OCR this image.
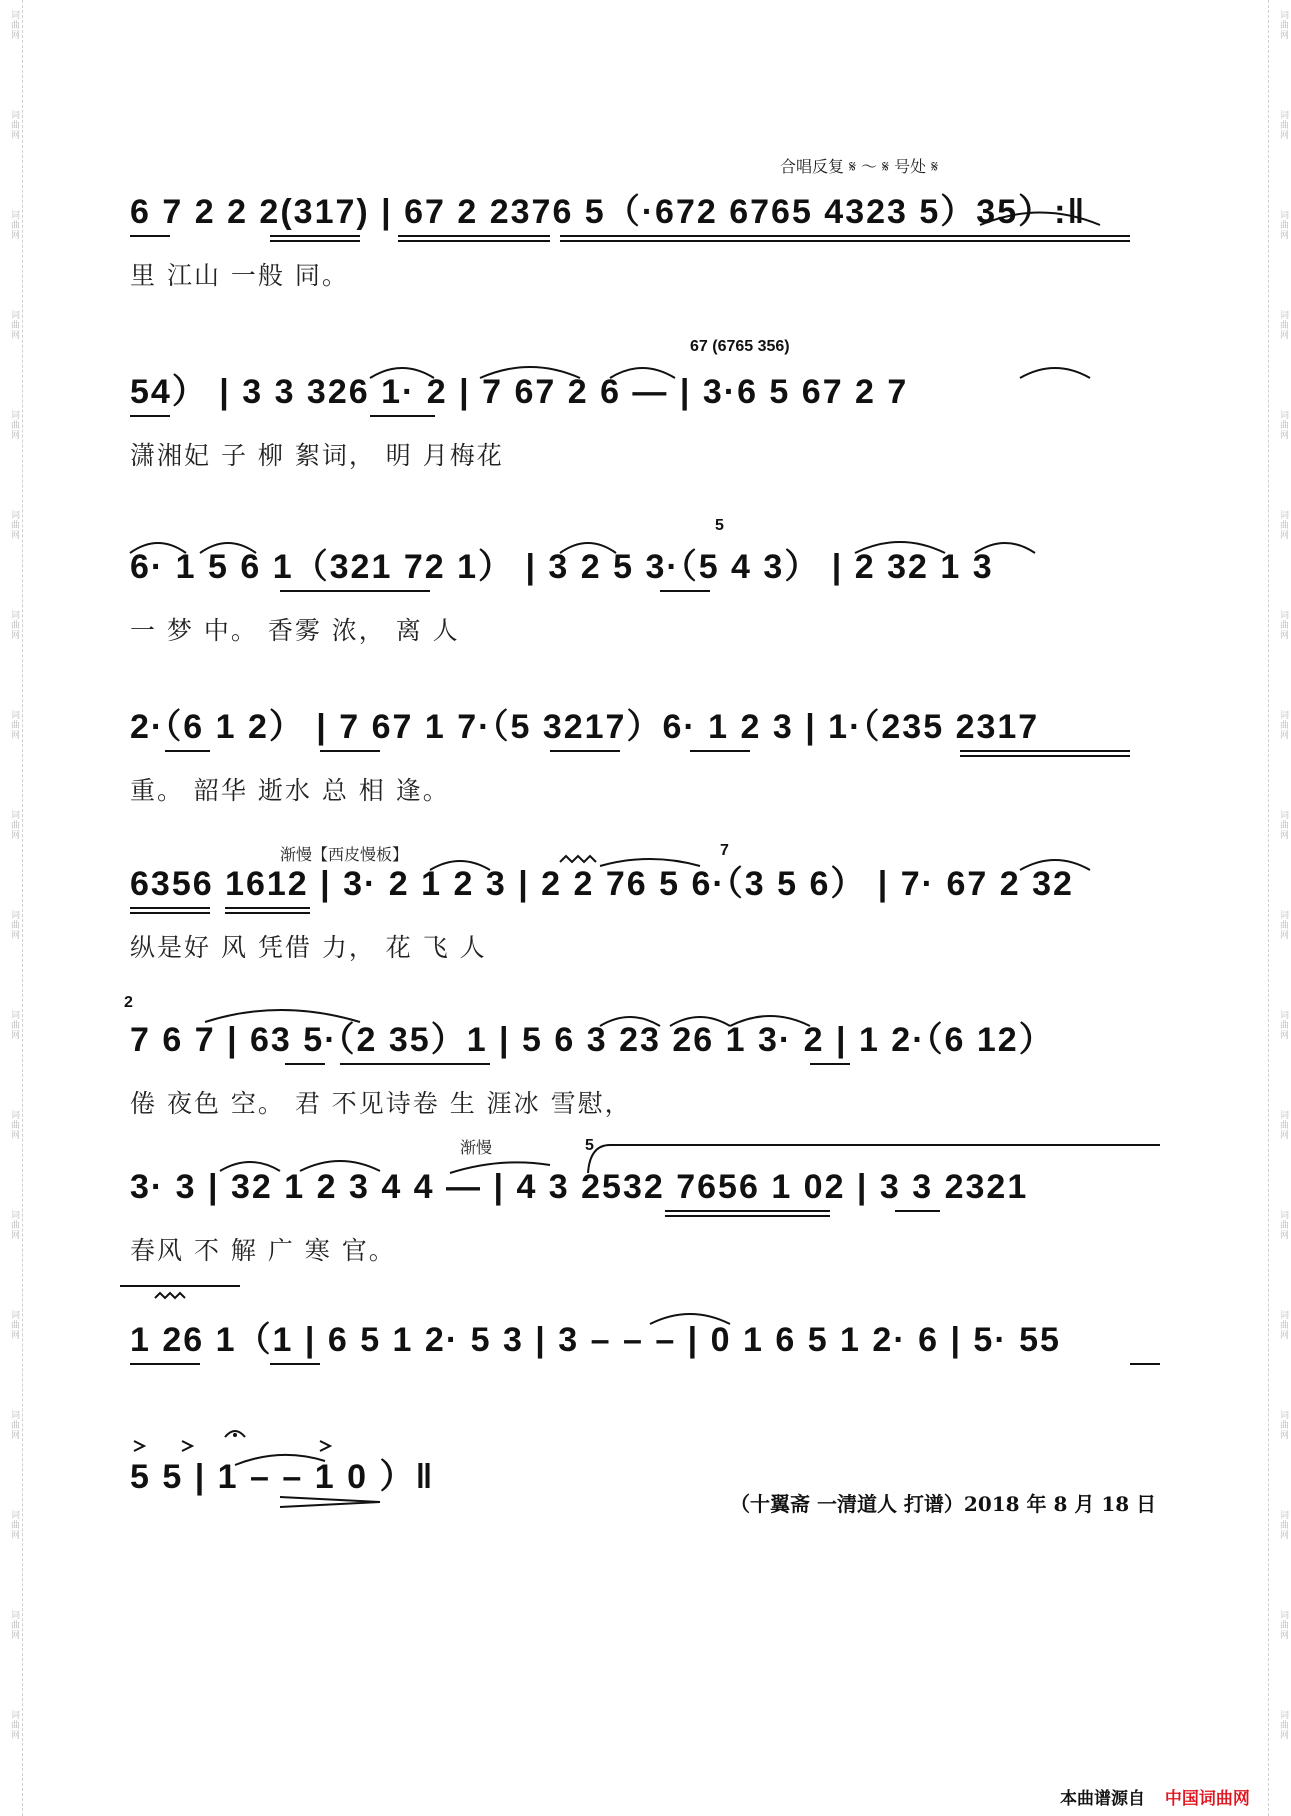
词曲网
词曲网
词曲网
词曲网
词曲网
词曲网
词曲网
词曲网
词曲网
词曲网
词曲网
词曲网
词曲网
词曲网
词曲网
词曲网
词曲网
词曲网
词曲网
词曲网
词曲网
词曲网
词曲网
词曲网
词曲网
词曲网
词曲网
词曲网
词曲网
词曲网
词曲网
词曲网
词曲网
词曲网
词曲网
词曲网
合唱反复 𝄋 ～ 𝄋 号处 𝄋
6 7 2 2 2(317) | 67 2 2376 5（·672 6765 4323 5）35）:‖
里 江山 一般 同。
67 (6765 356)
54） | 3 3 326 1· 2 | 7 67 2 6 — | 3·6 5 67 2 7
潇湘妃 子 柳 絮词， 明 月梅花
5
6· 1 5 6 1（321 72 1） | 3 2 5 3·（5 4 3） | 2 32 1 3
一 梦 中。 香雾 浓， 离 人
2·（6 1 2） | 7 67 1 7·（5 3217）6· 1 2 3 | 1·（235 2317
重。 韶华 逝水 总 相 逢。
渐慢【西皮慢板】	7
6356 1612 | 3· 2 1 2 3 | 2 2 76 5 6·（3 5 6） | 7· 67 2 32
纵是好 风 凭借 力， 花 飞 人
2
7 6 7 | 63 5·（2 35）1 | 5 6 3 23 26 1 3· 2 | 1 2·（6 12）
倦 夜色 空。 君 不见诗卷 生 涯冰 雪慰，
渐慢	5
3· 3 | 32 1 2 3 4 4 — | 4 3 2532 7656 1 02 | 3 3 2321
春风 不 解 广 寒 官。
1 26 1（1 | 6 5 1 2· 5 3 | 3 – – – | 0 1 6 5 1 2· 6 | 5· 55
5 5 | 1 – – 1 0 ）‖
（十翼斋 一清道人 打谱）2018 年 8 月 18 日
本曲谱源自 中国词曲网
